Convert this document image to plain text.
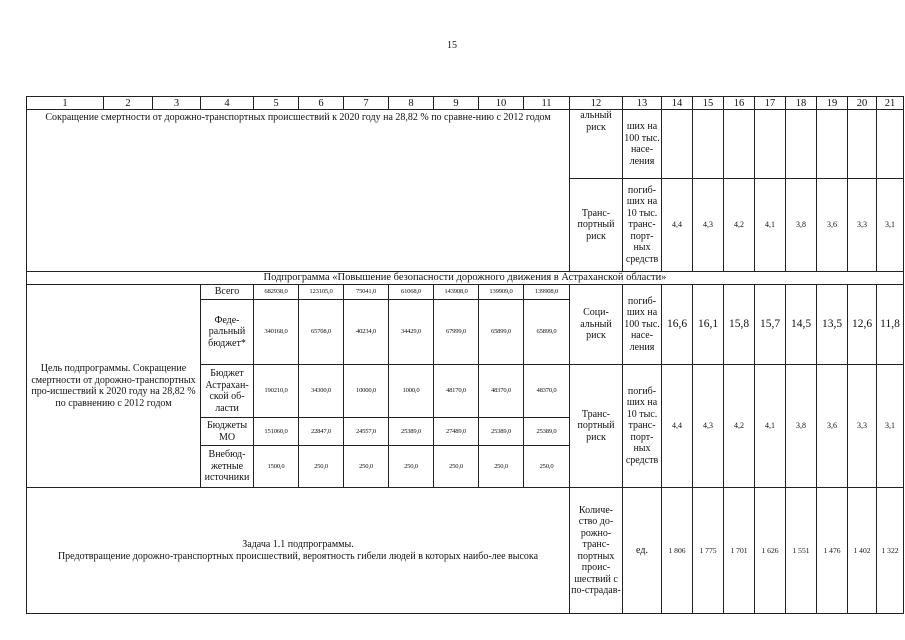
15
1	2	3	4	5	6	7	8	9	10	11	12	13	14	15	16	17	18	19	20	21
Сокращение смертности от дорожно-транспортных происшествий к 2020 году на 28,82 % по сравне-нию с 2012 годом											альный риск	ших на 100 тыс. насе-ления								
											Транс-портный риск	погиб-ших на 10 тыс. транс-порт-ных средств	4,4	4,3	4,2	4,1	3,8	3,6	3,3	3,1
Подпрограмма «Повышение безопасности дорожного движения в Астраханской области»																				
Цель подпрограммы. Сокращение смертности от дорожно-транспортных про-исшествий к 2020 году на 28,82 % по сравнению с 2012 годом			Всего	682938,0	123105,0	75041,0	61068,0	143908,0	139909,0	139908,0	Соци-альный риск	погиб-ших на 100 тыс. насе-ления	16,6	16,1	15,8	15,7	14,5	13,5	12,6	11,8
			Феде-ральный бюджет*	340168,0	65708,0	40234,0	34429,0	67999,0	65899,0	65899,0										
			Бюджет Астрахан-ской об-ласти	190210,0	34300,0	10000,0	1000,0	48170,0	48370,0	48370,0	Транс-портный риск	погиб-ших на 10 тыс. транс-порт-ных средств	4,4	4,3	4,2	4,1	3,8	3,6	3,3	3,1
			Бюджеты МО	151060,0	22847,0	24557,0	25389,0	27489,0	25389,0	25389,0										
			Внебюд-жетные источники	1500,0	250,0	250,0	250,0	250,0	250,0	250,0										

Задача 1.1 подпрограммы.
Предотвращение дорожно-транспортных происшествий, вероятность гибели людей в которых наибо-лее высока											Количе-ство до-рожно-транс-портных проис-шествий с по-страдав-	ед.	1 806	1 775	1 701	1 626	1 551	1 476	1 402	1 322
